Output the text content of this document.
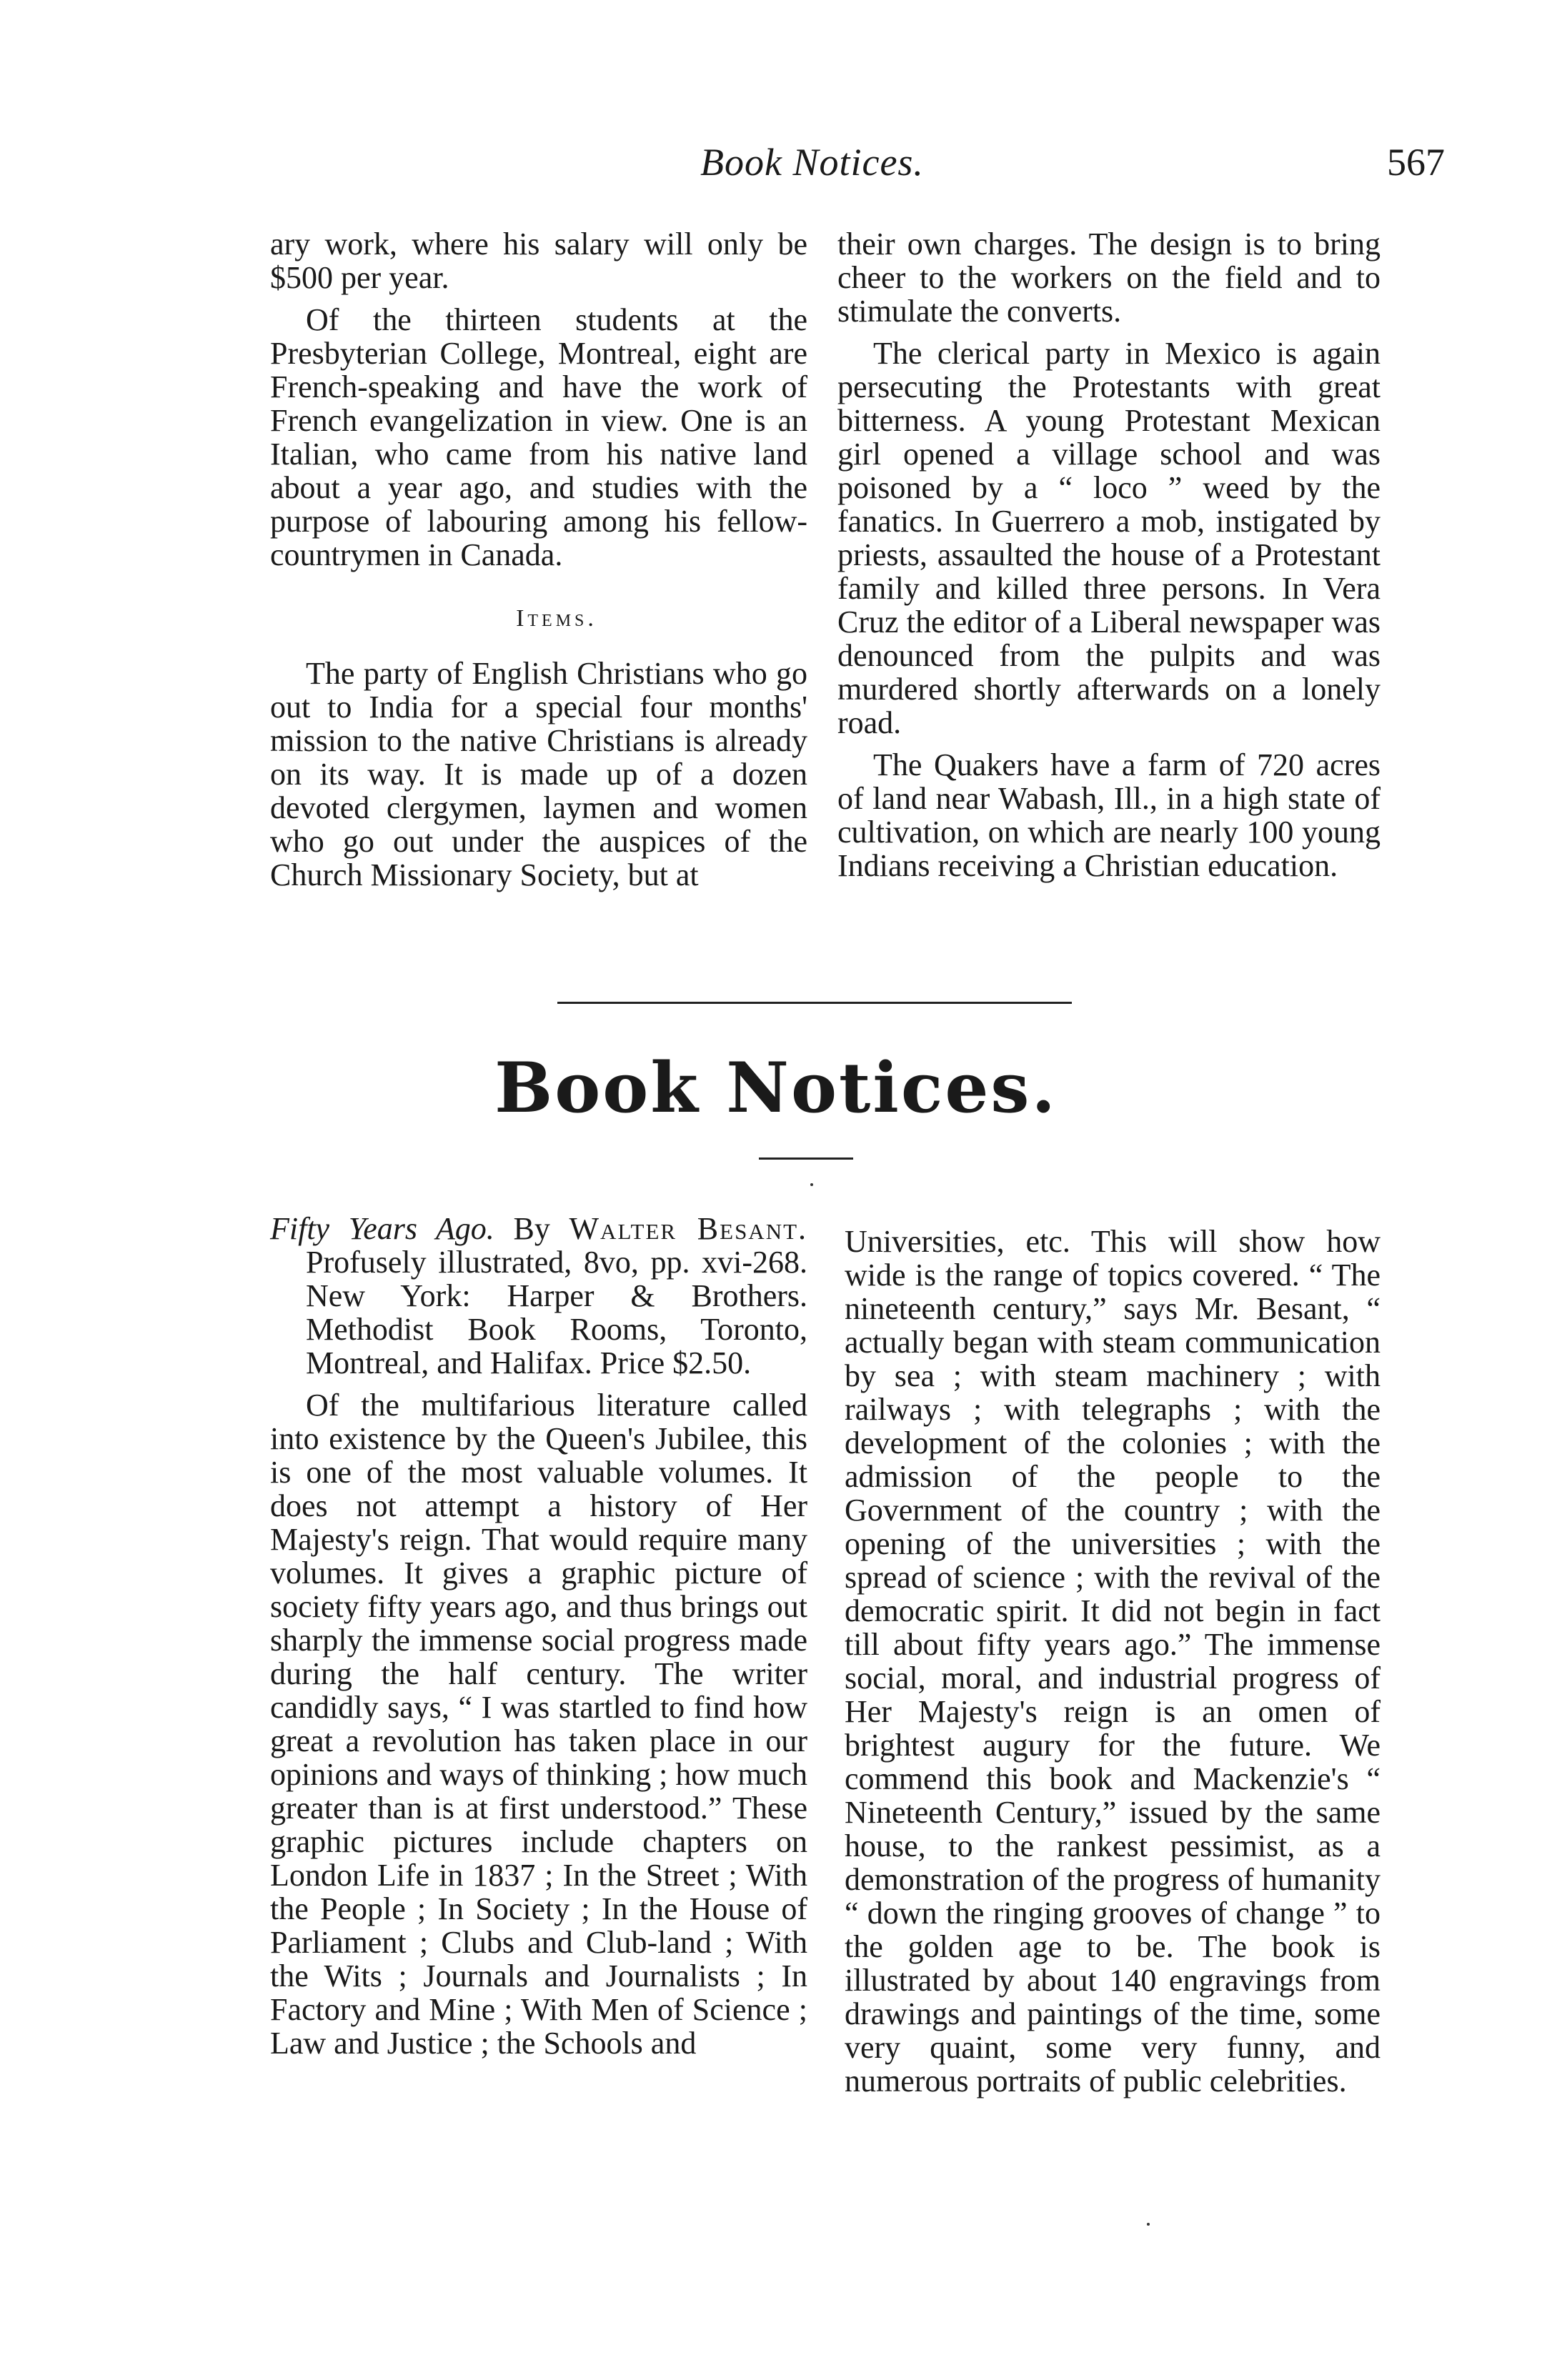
Book Notices.	567

ary work, where his salary will only be $500 per year.

Of the thirteen students at the Presbyterian College, Montreal, eight are French-speaking and have the work of French evangelization in view. One is an Italian, who came from his native land about a year ago, and studies with the purpose of labouring among his fellow-countrymen in Canada.

Items.

The party of English Christians who go out to India for a special four months' mission to the native Christians is already on its way. It is made up of a dozen devoted clergymen, laymen and women who go out under the auspices of the Church Missionary Society, but at

their own charges. The design is to bring cheer to the workers on the field and to stimulate the converts.

The clerical party in Mexico is again persecuting the Protestants with great bitterness. A young Protestant Mexican girl opened a village school and was poisoned by a “ loco ” weed by the fanatics. In Guerrero a mob, instigated by priests, assaulted the house of a Protestant family and killed three persons. In Vera Cruz the editor of a Liberal newspaper was denounced from the pulpits and was murdered shortly afterwards on a lonely road.

The Quakers have a farm of 720 acres of land near Wabash, Ill., in a high state of cultivation, on which are nearly 100 young Indians receiving a Christian education.

Book Notices.

Fifty Years Ago. By Walter Besant. Profusely illustrated, 8vo, pp. xvi-268. New York: Harper & Brothers. Methodist Book Rooms, Toronto, Montreal, and Halifax. Price $2.50.

Of the multifarious literature called into existence by the Queen's Jubilee, this is one of the most valuable volumes. It does not attempt a history of Her Majesty's reign. That would require many volumes. It gives a graphic picture of society fifty years ago, and thus brings out sharply the immense social progress made during the half century. The writer candidly says, “ I was startled to find how great a revolution has taken place in our opinions and ways of thinking ; how much greater than is at first understood.” These graphic pictures include chapters on London Life in 1837 ; In the Street ; With the People ; In Society ; In the House of Parliament ; Clubs and Club-land ; With the Wits ; Journals and Journalists ; In Factory and Mine ; With Men of Science ; Law and Justice ; the Schools and

Universities, etc. This will show how wide is the range of topics covered. “ The nineteenth century,” says Mr. Besant, “ actually began with steam communication by sea ; with steam machinery ; with railways ; with telegraphs ; with the development of the colonies ; with the admission of the people to the Government of the country ; with the opening of the universities ; with the spread of science ; with the revival of the democratic spirit. It did not begin in fact till about fifty years ago.” The immense social, moral, and industrial progress of Her Majesty's reign is an omen of brightest augury for the future. We commend this book and Mackenzie's “ Nineteenth Century,” issued by the same house, to the rankest pessimist, as a demonstration of the progress of humanity “ down the ringing grooves of change ” to the golden age to be. The book is illustrated by about 140 engravings from drawings and paintings of the time, some very quaint, some very funny, and numerous portraits of public celebrities.
